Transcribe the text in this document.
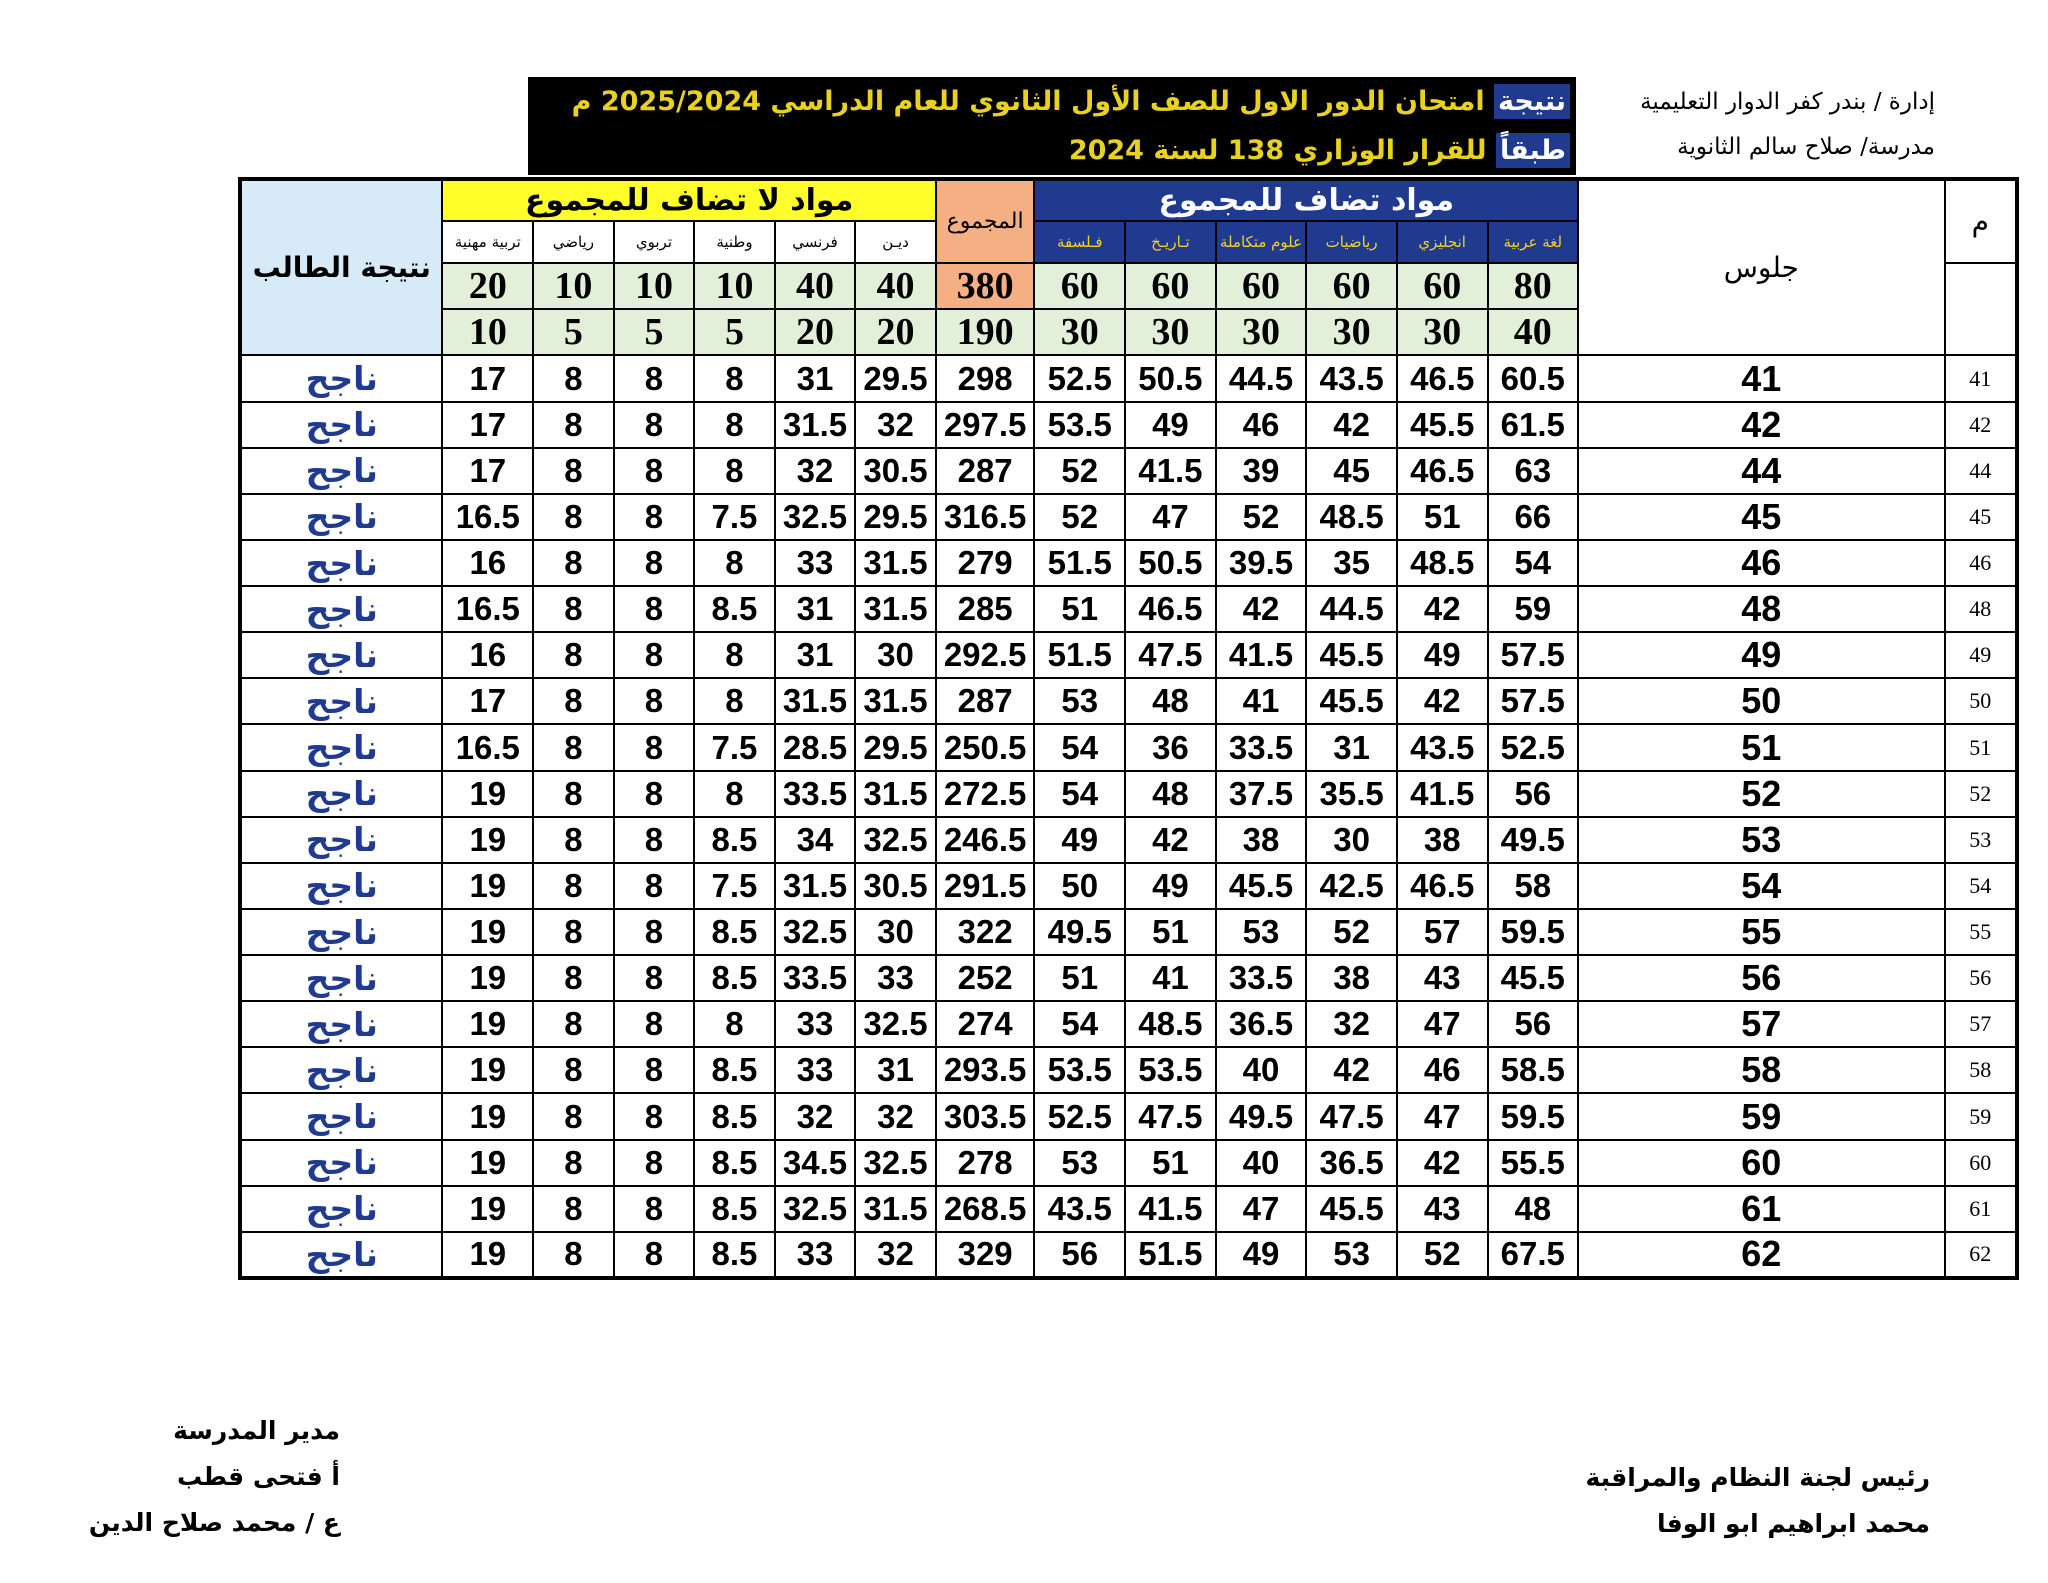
إدارة / بندر كفر الدوار التعليمية
مدرسة/ صلاح سالم الثانوية
نتيجة امتحان الدور الاول للصف الأول الثانوي للعام الدراسي 2025/2024 م
طبقاً للقرار الوزاري 138 لسنة 2024
م	جلوس	مواد تضاف للمجموع						المجموع	مواد لا تضاف للمجموع						نتيجة الطالب
		لغة عربية	انجليزي	رياضيات	علوم متكاملة	تـاريـخ	فـلسفة		ديـن	فرنسي	وطنية	تربوي	رياضي	تربية مهنية	
		80	60	60	60	60	60	380	40	40	10	10	10	20	
		40	30	30	30	30	30	190	20	20	5	5	5	10	
41	41	60.5	46.5	43.5	44.5	50.5	52.5	298	29.5	31	8	8	8	17	ناجح
42	42	61.5	45.5	42	46	49	53.5	297.5	32	31.5	8	8	8	17	ناجح
44	44	63	46.5	45	39	41.5	52	287	30.5	32	8	8	8	17	ناجح
45	45	66	51	48.5	52	47	52	316.5	29.5	32.5	7.5	8	8	16.5	ناجح
46	46	54	48.5	35	39.5	50.5	51.5	279	31.5	33	8	8	8	16	ناجح
48	48	59	42	44.5	42	46.5	51	285	31.5	31	8.5	8	8	16.5	ناجح
49	49	57.5	49	45.5	41.5	47.5	51.5	292.5	30	31	8	8	8	16	ناجح
50	50	57.5	42	45.5	41	48	53	287	31.5	31.5	8	8	8	17	ناجح
51	51	52.5	43.5	31	33.5	36	54	250.5	29.5	28.5	7.5	8	8	16.5	ناجح
52	52	56	41.5	35.5	37.5	48	54	272.5	31.5	33.5	8	8	8	19	ناجح
53	53	49.5	38	30	38	42	49	246.5	32.5	34	8.5	8	8	19	ناجح
54	54	58	46.5	42.5	45.5	49	50	291.5	30.5	31.5	7.5	8	8	19	ناجح
55	55	59.5	57	52	53	51	49.5	322	30	32.5	8.5	8	8	19	ناجح
56	56	45.5	43	38	33.5	41	51	252	33	33.5	8.5	8	8	19	ناجح
57	57	56	47	32	36.5	48.5	54	274	32.5	33	8	8	8	19	ناجح
58	58	58.5	46	42	40	53.5	53.5	293.5	31	33	8.5	8	8	19	ناجح
59	59	59.5	47	47.5	49.5	47.5	52.5	303.5	32	32	8.5	8	8	19	ناجح
60	60	55.5	42	36.5	40	51	53	278	32.5	34.5	8.5	8	8	19	ناجح
61	61	48	43	45.5	47	41.5	43.5	268.5	31.5	32.5	8.5	8	8	19	ناجح
62	62	67.5	52	53	49	51.5	56	329	32	33	8.5	8	8	19	ناجح
مدير المدرسة
أ فتحى قطب
ع / محمد صلاح الدين
رئيس لجنة النظام والمراقبة
محمد ابراهيم ابو الوفا
